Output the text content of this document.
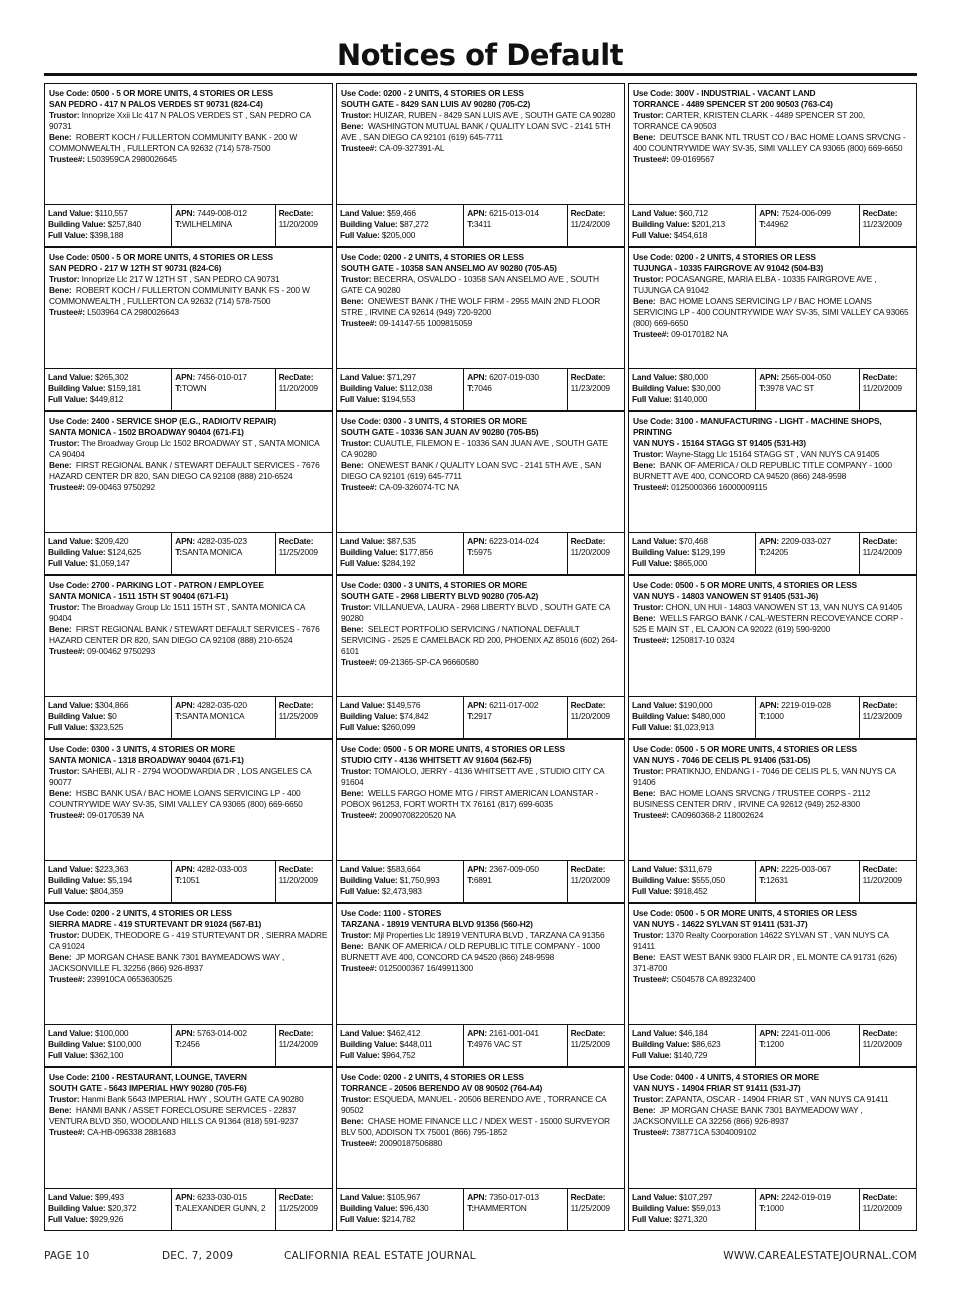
Notices of Default
Use Code: 0500 - 5 OR MORE UNITS, 4 STORIES OR LESS
SAN PEDRO - 417 N PALOS VERDES ST 90731 (824-C4)
Trustor: Innoprize Xxii Llc 417 N PALOS VERDES ST , SAN PEDRO CA 90731
Bene: ROBERT KOCH / FULLERTON COMMUNITY BANK - 200 W COMMONWEALTH , FULLERTON CA 92632 (714) 578-7500
Trustee#: L503959CA 2980026645
Land Value: $110,557
Building Value: $257,840
Full Value: $398,188
APN: 7449-008-012
T:WILHELMINA
RecDate:
11/20/2009
Use Code: 0200 - 2 UNITS, 4 STORIES OR LESS
SOUTH GATE - 8429 SAN LUIS AV 90280 (705-C2)
Trustor: HUIZAR, RUBEN - 8429 SAN LUIS AVE , SOUTH GATE CA 90280
Bene: WASHINGTON MUTUAL BANK / QUALITY LOAN SVC - 2141 5TH AVE , SAN DIEGO CA 92101 (619) 645-7711
Trustee#: CA-09-327391-AL
Land Value: $59,466
Building Value: $87,272
Full Value: $205,000
APN: 6215-013-014
T:3411
RecDate:
11/24/2009
Use Code: 300V - INDUSTRIAL - VACANT LAND
TORRANCE - 4489 SPENCER ST 200 90503 (763-C4)
Trustor: CARTER, KRISTEN CLARK - 4489 SPENCER ST 200, TORRANCE CA 90503
Bene: DEUTSCE BANK NTL TRUST CO / BAC HOME LOANS SRVCNG - 400 COUNTRYWIDE WAY SV-35, SIMI VALLEY CA 93065 (800) 669-6650
Trustee#: 09-0169567
Land Value: $60,712
Building Value: $201,213
Full Value: $454,618
APN: 7524-006-099
T:44962
RecDate:
11/23/2009
Use Code: 0500 - 5 OR MORE UNITS, 4 STORIES OR LESS
SAN PEDRO - 217 W 12TH ST 90731 (824-C6)
Trustor: Innoprize Llc 217 W 12TH ST , SAN PEDRO CA 90731
Bene: ROBERT KOCH / FULLERTON COMMUNITY BANK FS - 200 W COMMONWEALTH , FULLERTON CA 92632 (714) 578-7500
Trustee#: L503964 CA 2980026643
Land Value: $265,302
Building Value: $159,181
Full Value: $449,812
APN: 7456-010-017
T:TOWN
RecDate:
11/20/2009
Use Code: 0200 - 2 UNITS, 4 STORIES OR LESS
SOUTH GATE - 10358 SAN ANSELMO AV 90280 (705-A5)
Trustor: BECERRA, OSVALDO - 10358 SAN ANSELMO AVE , SOUTH GATE CA 90280
Bene: ONEWEST BANK / THE WOLF FIRM - 2955 MAIN 2ND FLOOR STRE , IRVINE CA 92614 (949) 720-9200
Trustee#: 09-14147-55 1009815059
Land Value: $71,297
Building Value: $112,038
Full Value: $194,553
APN: 6207-019-030
T:7046
RecDate:
11/23/2009
Use Code: 0200 - 2 UNITS, 4 STORIES OR LESS
TUJUNGA - 10335 FAIRGROVE AV 91042 (504-B3)
Trustor: POCASANGRE, MARIA ELBA - 10335 FAIRGROVE AVE , TUJUNGA CA 91042
Bene: BAC HOME LOANS SERVICING LP / BAC HOME LOANS SERVICING LP - 400 COUNTRYWIDE WAY SV-35, SIMI VALLEY CA 93065 (800) 669-6650
Trustee#: 09-0170182 NA
Land Value: $80,000
Building Value: $30,000
Full Value: $140,000
APN: 2565-004-050
T:3978 VAC ST
RecDate:
11/20/2009
Use Code: 2400 - SERVICE SHOP (E.G., RADIO/TV REPAIR)
SANTA MONICA - 1502 BROADWAY 90404 (671-F1)
Trustor: The Broadway Group Llc 1502 BROADWAY ST , SANTA MONICA CA 90404
Bene: FIRST REGIONAL BANK / STEWART DEFAULT SERVICES - 7676 HAZARD CENTER DR 820, SAN DIEGO CA 92108 (888) 210-6524
Trustee#: 09-00463 9750292
Land Value: $209,420
Building Value: $124,625
Full Value: $1,059,147
APN: 4282-035-023
T:SANTA MONICA
RecDate:
11/25/2009
Use Code: 0300 - 3 UNITS, 4 STORIES OR MORE
SOUTH GATE - 10336 SAN JUAN AV 90280 (705-B5)
Trustor: CUAUTLE, FILEMON E - 10336 SAN JUAN AVE , SOUTH GATE CA 90280
Bene: ONEWEST BANK / QUALITY LOAN SVC - 2141 5TH AVE , SAN DIEGO CA 92101 (619) 645-7711
Trustee#: CA-09-326074-TC NA
Land Value: $87,535
Building Value: $177,856
Full Value: $284,192
APN: 6223-014-024
T:5975
RecDate:
11/20/2009
Use Code: 3100 - MANUFACTURING - LIGHT - MACHINE SHOPS, PRINTING
VAN NUYS - 15164 STAGG ST 91405 (531-H3)
Trustor: Wayne-Stagg Llc 15164 STAGG ST , VAN NUYS CA 91405
Bene: BANK OF AMERICA / OLD REPUBLIC TITLE COMPANY - 1000 BURNETT AVE 400, CONCORD CA 94520 (866) 248-9598
Trustee#: 0125000366 16000009115
Land Value: $70,468
Building Value: $129,199
Full Value: $865,000
APN: 2209-033-027
T:24205
RecDate:
11/24/2009
Use Code: 2700 - PARKING LOT - PATRON / EMPLOYEE
SANTA MONICA - 1511 15TH ST 90404 (671-F1)
Trustor: The Broadway Group Llc 1511 15TH ST , SANTA MONICA CA 90404
Bene: FIRST REGIONAL BANK / STEWART DEFAULT SERVICES - 7676 HAZARD CENTER DR 820, SAN DIEGO CA 92108 (888) 210-6524
Trustee#: 09-00462 9750293
Land Value: $304,866
Building Value: $0
Full Value: $323,525
APN: 4282-035-020
T:SANTA MON1CA
RecDate:
11/25/2009
Use Code: 0300 - 3 UNITS, 4 STORIES OR MORE
SOUTH GATE - 2968 LIBERTY BLVD 90280 (705-A2)
Trustor: VILLANUEVA, LAURA - 2968 LIBERTY BLVD , SOUTH GATE CA 90280
Bene: SELECT PORTFOLIO SERVICING / NATIONAL DEFAULT SERVICING - 2525 E CAMELBACK RD 200, PHOENIX AZ 85016 (602) 264-6101
Trustee#: 09-21365-SP-CA 96660580
Land Value: $149,576
Building Value: $74,842
Full Value: $260,099
APN: 6211-017-002
T:2917
RecDate:
11/20/2009
Use Code: 0500 - 5 OR MORE UNITS, 4 STORIES OR LESS
VAN NUYS - 14803 VANOWEN ST 91405 (531-J6)
Trustor: CHON, UN HUI - 14803 VANOWEN ST 13, VAN NUYS CA 91405
Bene: WELLS FARGO BANK / CAL-WESTERN RECOVEYANCE CORP - 525 E MAIN ST , EL CAJON CA 92022 (619) 590-9200
Trustee#: 1250817-10 0324
Land Value: $190,000
Building Value: $480,000
Full Value: $1,023,913
APN: 2219-019-028
T:1000
RecDate:
11/23/2009
Use Code: 0300 - 3 UNITS, 4 STORIES OR MORE
SANTA MONICA - 1318 BROADWAY 90404 (671-F1)
Trustor: SAHEBI, ALI R - 2794 WOODWARDIA DR , LOS ANGELES CA 90077
Bene: HSBC BANK USA / BAC HOME LOANS SERVICING LP - 400 COUNTRYWIDE WAY SV-35, SIMI VALLEY CA 93065 (800) 669-6650
Trustee#: 09-0170539 NA
Land Value: $223,363
Building Value: $5,194
Full Value: $804,359
APN: 4282-033-003
T:1051
RecDate:
11/20/2009
Use Code: 0500 - 5 OR MORE UNITS, 4 STORIES OR LESS
STUDIO CITY - 4136 WHITSETT AV 91604 (562-F5)
Trustor: TOMAIOLO, JERRY - 4136 WHITSETT AVE , STUDIO CITY CA 91604
Bene: WELLS FARGO HOME MTG / FIRST AMERICAN LOANSTAR - POBOX 961253, FORT WORTH TX 76161 (817) 699-6035
Trustee#: 20090708220520 NA
Land Value: $583,664
Building Value: $1,750,993
Full Value: $2,473,983
APN: 2367-009-050
T:6891
RecDate:
11/20/2009
Use Code: 0500 - 5 OR MORE UNITS, 4 STORIES OR LESS
VAN NUYS - 7046 DE CELIS PL 91406 (531-D5)
Trustor: PRATIKNJO, ENDANG I - 7046 DE CELIS PL 5, VAN NUYS CA 91406
Bene: BAC HOME LOANS SRVCNG / TRUSTEE CORPS - 2112 BUSINESS CENTER DRIV , IRVINE CA 92612 (949) 252-8300
Trustee#: CA0960368-2 118002624
Land Value: $311,679
Building Value: $555,050
Full Value: $918,452
APN: 2225-003-067
T:12631
RecDate:
11/20/2009
Use Code: 0200 - 2 UNITS, 4 STORIES OR LESS
SIERRA MADRE - 419 STURTEVANT DR 91024 (567-B1)
Trustor: DUDEK, THEODORE G - 419 STURTEVANT DR , SIERRA MADRE CA 91024
Bene: JP MORGAN CHASE BANK 7301 BAYMEADOWS WAY , JACKSONVILLE FL 32256 (866) 926-8937
Trustee#: 239910CA 0653630525
Land Value: $100,000
Building Value: $100,000
Full Value: $362,100
APN: 5763-014-002
T:2456
RecDate:
11/24/2009
Use Code: 1100 - STORES
TARZANA - 18919 VENTURA BLVD 91356 (560-H2)
Trustor: Mjl Properties Llc 18919 VENTURA BLVD , TARZANA CA 91356
Bene: BANK OF AMERICA / OLD REPUBLIC TITLE COMPANY - 1000 BURNETT AVE 400, CONCORD CA 94520 (866) 248-9598
Trustee#: 0125000367 16/49911300
Land Value: $462,412
Building Value: $448,011
Full Value: $964,752
APN: 2161-001-041
T:4976 VAC ST
RecDate:
11/25/2009
Use Code: 0500 - 5 OR MORE UNITS, 4 STORIES OR LESS
VAN NUYS - 14622 SYLVAN ST 91411 (531-J7)
Trustor: 1370 Realty Coorporation 14622 SYLVAN ST , VAN NUYS CA 91411
Bene: EAST WEST BANK 9300 FLAIR DR , EL MONTE CA 91731 (626) 371-8700
Trustee#: C504578 CA 89232400
Land Value: $46,184
Building Value: $86,623
Full Value: $140,729
APN: 2241-011-006
T:1200
RecDate:
11/20/2009
Use Code: 2100 - RESTAURANT, LOUNGE, TAVERN
SOUTH GATE - 5643 IMPERIAL HWY 90280 (705-F6)
Trustor: Hanmi Bank 5643 IMPERIAL HWY , SOUTH GATE CA 90280
Bene: HANMI BANK / ASSET FORECLOSURE SERVICES - 22837 VENTURA BLVD 350, WOODLAND HILLS CA 91364 (818) 591-9237
Trustee#: CA-HB-096338 2881683
Land Value: $99,493
Building Value: $20,372
Full Value: $929,926
APN: 6233-030-015
T:ALEXANDER GUNN, 2
RecDate:
11/25/2009
Use Code: 0200 - 2 UNITS, 4 STORIES OR LESS
TORRANCE - 20506 BERENDO AV 08 90502 (764-A4)
Trustor: ESQUEDA, MANUEL - 20506 BERENDO AVE , TORRANCE CA 90502
Bene: CHASE HOME FINANCE LLC / NDEX WEST - 15000 SURVEYOR BLV 500, ADDISON TX 75001 (866) 795-1852
Trustee#: 20090187506880
Land Value: $105,967
Building Value: $96,430
Full Value: $214,782
APN: 7350-017-013
T:HAMMERTON
RecDate:
11/25/2009
Use Code: 0400 - 4 UNITS, 4 STORIES OR MORE
VAN NUYS - 14904 FRIAR ST 91411 (531-J7)
Trustor: ZAPANTA, OSCAR - 14904 FRIAR ST , VAN NUYS CA 91411
Bene: JP MORGAN CHASE BANK 7301 BAYMEADOW WAY , JACKSONVILLE CA 32256 (866) 926-8937
Trustee#: 738771CA 5304009102
Land Value: $107,297
Building Value: $59,013
Full Value: $271,320
APN: 2242-019-019
T:1000
RecDate:
11/20/2009
PAGE 10	DEC. 7, 2009	CALIFORNIA REAL ESTATE JOURNAL	WWW.CAREALESTATEJOURNAL.COM
